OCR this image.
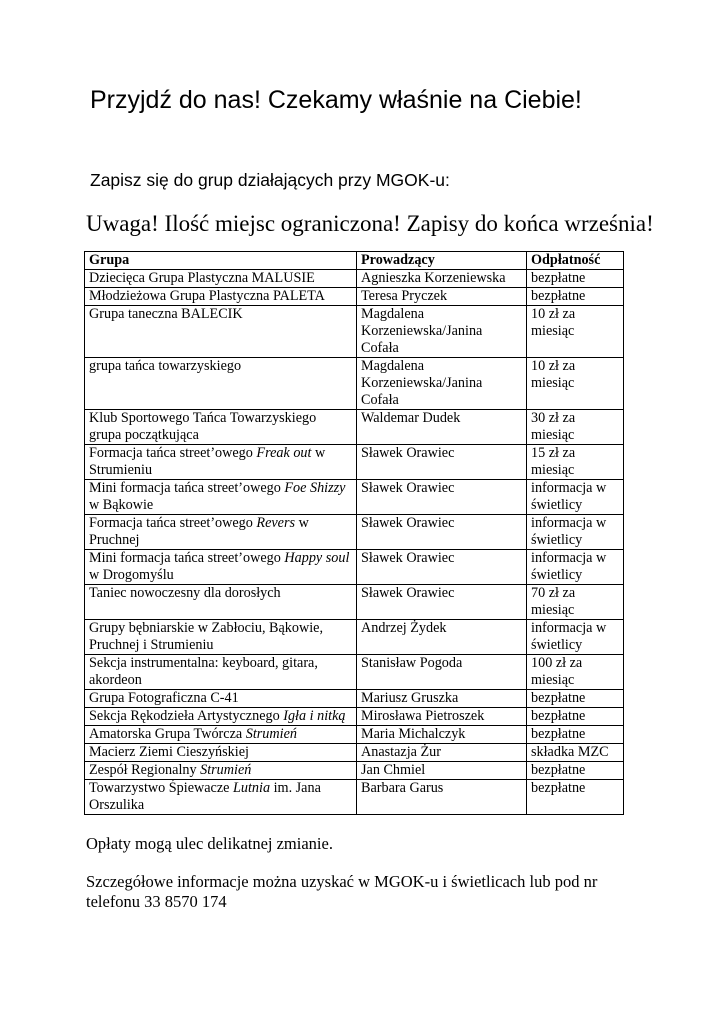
Przyjdź do nas! Czekamy właśnie na Ciebie!
Zapisz się do grup działających przy MGOK-u:
Uwaga! Ilość miejsc ograniczona! Zapisy do końca września!
Grupa	Prowadzący	Odpłatność
Dziecięca Grupa Plastyczna MALUSIE	Agnieszka Korzeniewska	bezpłatne
Młodzieżowa Grupa Plastyczna PALETA	Teresa Pryczek	bezpłatne
Grupa taneczna BALECIK	Magdalena Korzeniewska/Janina Cofała	10 zł za miesiąc
grupa tańca towarzyskiego	Magdalena Korzeniewska/Janina Cofała	10 zł za miesiąc
Klub Sportowego Tańca Towarzyskiego grupa początkująca	Waldemar Dudek	30 zł za miesiąc
Formacja tańca street’owego Freak out w Strumieniu	Sławek Orawiec	15 zł za miesiąc
Mini formacja tańca street’owego Foe Shizzy w Bąkowie	Sławek Orawiec	informacja w świetlicy
Formacja tańca street’owego Revers w Pruchnej	Sławek Orawiec	informacja w świetlicy
Mini formacja tańca street’owego Happy soul w Drogomyślu	Sławek Orawiec	informacja w świetlicy
Taniec nowoczesny dla dorosłych	Sławek Orawiec	70 zł za miesiąc
Grupy bębniarskie w Zabłociu, Bąkowie, Pruchnej i Strumieniu	Andrzej Żydek	informacja w świetlicy
Sekcja instrumentalna: keyboard, gitara, akordeon	Stanisław Pogoda	100 zł za miesiąc
Grupa Fotograficzna C-41	Mariusz Gruszka	bezpłatne
Sekcja Rękodzieła Artystycznego Igła i nitką	Mirosława Pietroszek	bezpłatne
Amatorska Grupa Twórcza Strumień	Maria Michalczyk	bezpłatne
Macierz Ziemi Cieszyńskiej	Anastazja Żur	składka MZC
Zespół Regionalny Strumień	Jan Chmiel	bezpłatne
Towarzystwo Śpiewacze Lutnia im. Jana Orszulika	Barbara Garus	bezpłatne
Opłaty mogą ulec delikatnej zmianie.
Szczegółowe informacje można uzyskać w MGOK-u i świetlicach lub pod nr telefonu 33 8570 174
